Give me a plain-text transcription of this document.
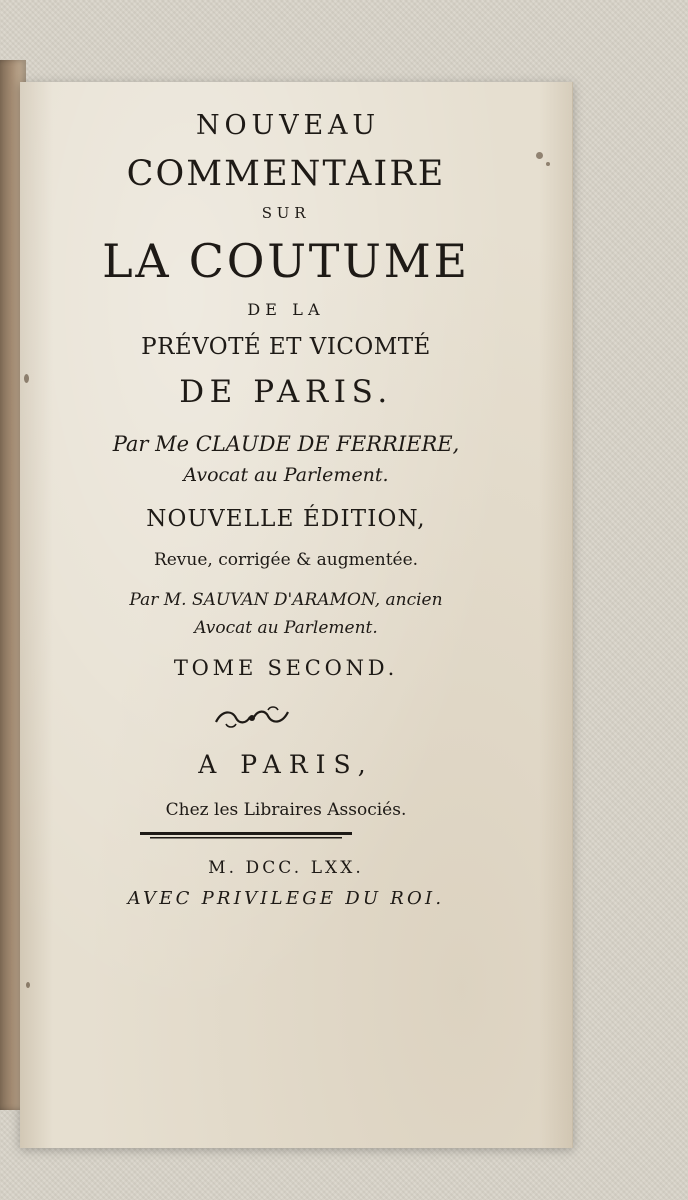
NOUVEAU
COMMENTAIRE
SUR
LA COUTUME
DE LA
PRÉVOTÉ ET VICOMTÉ
DE PARIS.
Par Me CLAUDE DE FERRIERE,
Avocat au Parlement.
NOUVELLE ÉDITION,
Revue, corrigée & augmentée.
Par M. SAUVAN D'ARAMON, ancien
Avocat au Parlement.
TOME SECOND.
A PARIS,
Chez les Libraires Associés.
M. DCC. LXX.
AVEC PRIVILEGE DU ROI.
